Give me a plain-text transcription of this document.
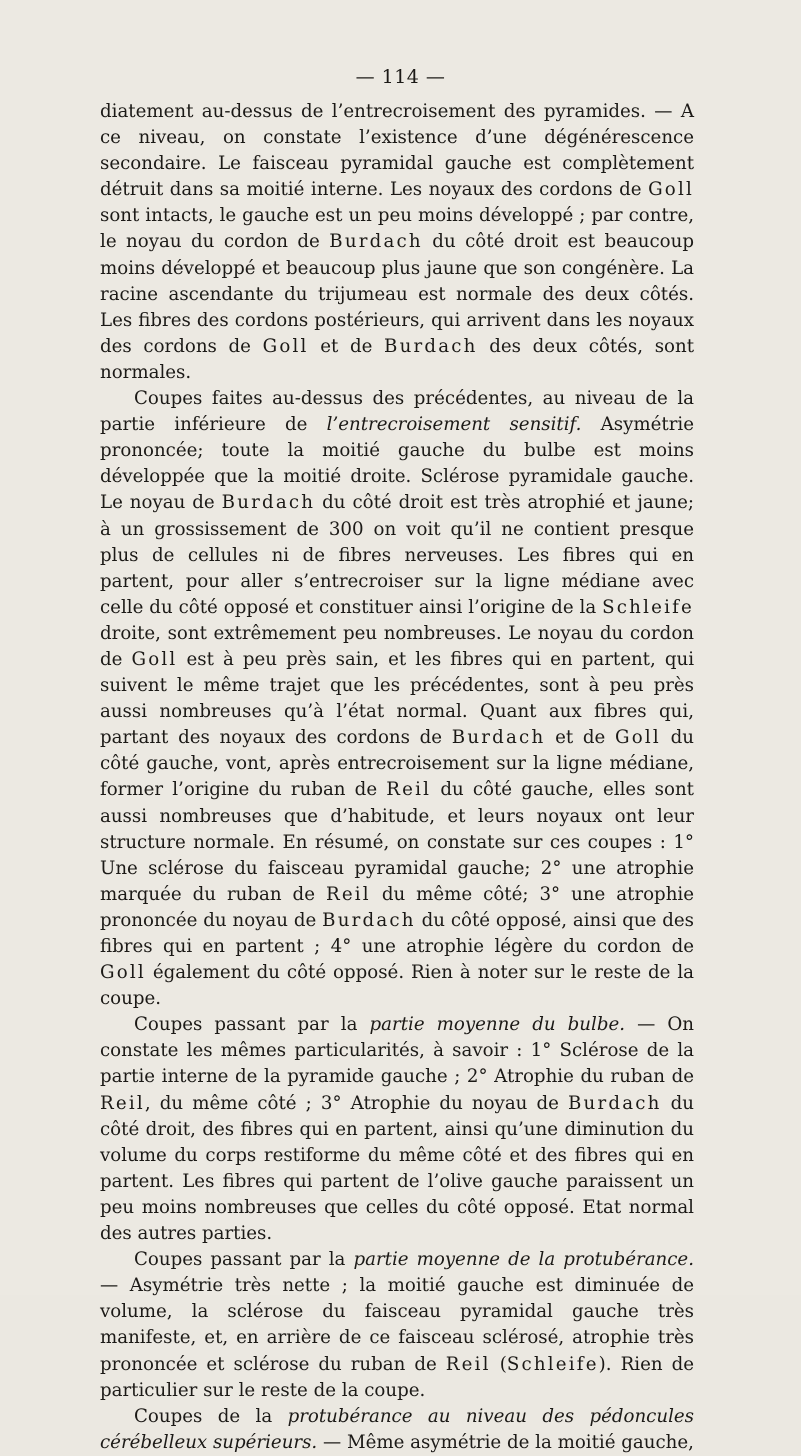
— 114 —

diatement au-dessus de l’entrecroisement des pyramides. — A ce niveau, on constate l’existence d’une dégénérescence secondaire. Le faisceau pyramidal gauche est complètement détruit dans sa moitié interne. Les noyaux des cordons de Goll sont intacts, le gauche est un peu moins développé ; par contre, le noyau du cordon de Burdach du côté droit est beaucoup moins développé et beaucoup plus jaune que son congénère. La racine ascendante du trijumeau est normale des deux côtés. Les fibres des cordons postérieurs, qui arrivent dans les noyaux des cordons de Goll et de Burdach des deux côtés, sont normales.

Coupes faites au-dessus des précédentes, au niveau de la partie inférieure de l’entrecroisement sensitif. Asymétrie prononcée; toute la moitié gauche du bulbe est moins développée que la moitié droite. Sclérose pyramidale gauche. Le noyau de Burdach du côté droit est très atrophié et jaune; à un grossissement de 300 on voit qu’il ne contient presque plus de cellules ni de fibres nerveuses. Les fibres qui en partent, pour aller s’entrecroiser sur la ligne médiane avec celle du côté opposé et constituer ainsi l’origine de la Schleife droite, sont extrêmement peu nombreuses. Le noyau du cordon de Goll est à peu près sain, et les fibres qui en partent, qui suivent le même trajet que les précédentes, sont à peu près aussi nombreuses qu’à l’état normal. Quant aux fibres qui, partant des noyaux des cordons de Burdach et de Goll du côté gauche, vont, après entrecroisement sur la ligne médiane, former l’origine du ruban de Reil du côté gauche, elles sont aussi nombreuses que d’habitude, et leurs noyaux ont leur structure normale. En résumé, on constate sur ces coupes : 1° Une sclérose du faisceau pyramidal gauche; 2° une atrophie marquée du ruban de Reil du même côté; 3° une atrophie prononcée du noyau de Burdach du côté opposé, ainsi que des fibres qui en partent ; 4° une atrophie légère du cordon de Goll également du côté opposé. Rien à noter sur le reste de la coupe.

Coupes passant par la partie moyenne du bulbe. — On constate les mêmes particularités, à savoir : 1° Sclérose de la partie interne de la pyramide gauche ; 2° Atrophie du ruban de Reil, du même côté ; 3° Atrophie du noyau de Burdach du côté droit, des fibres qui en partent, ainsi qu’une diminution du volume du corps restiforme du même côté et des fibres qui en partent. Les fibres qui partent de l’olive gauche paraissent un peu moins nombreuses que celles du côté opposé. Etat normal des autres parties.

Coupes passant par la partie moyenne de la protubérance. — Asymétrie très nette ; la moitié gauche est diminuée de volume, la sclérose du faisceau pyramidal gauche très manifeste, et, en arrière de ce faisceau sclérosé, atrophie très prononcée et sclérose du ruban de Reil (Schleife). Rien de particulier sur le reste de la coupe.

Coupes de la protubérance au niveau des pédoncules cérébelleux supérieurs. — Même asymétrie de la moitié gauche,
